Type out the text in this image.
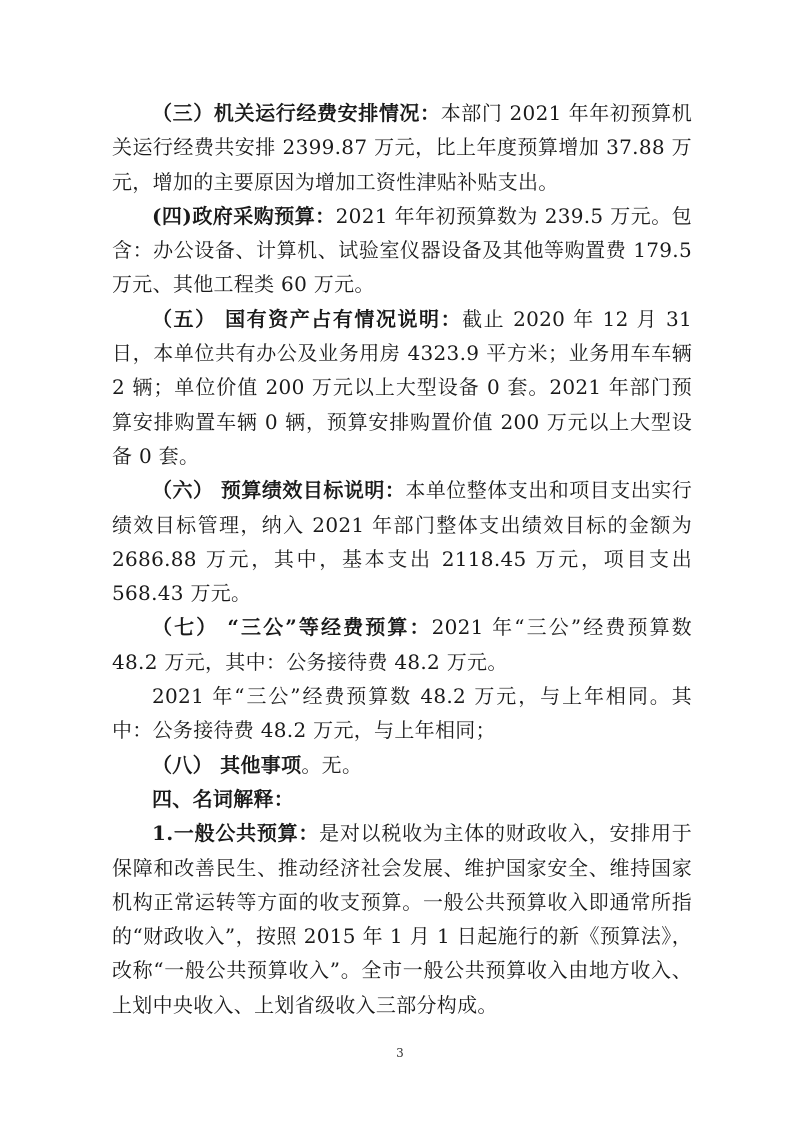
（三）机关运行经费安排情况：本部门 2021 年年初预算机关运行经费共安排 2399.87 万元，比上年度预算增加 37.88 万元，增加的主要原因为增加工资性津贴补贴支出。

(四)政府采购预算：2021 年年初预算数为 239.5 万元。包含：办公设备、计算机、试验室仪器设备及其他等购置费 179.5 万元、其他工程类 60 万元。

（五） 国有资产占有情况说明：截止 2020 年 12 月 31 日，本单位共有办公及业务用房 4323.9 平方米；业务用车车辆 2 辆；单位价值 200 万元以上大型设备 0 套。2021 年部门预算安排购置车辆 0 辆，预算安排购置价值 200 万元以上大型设备 0 套。

（六） 预算绩效目标说明：本单位整体支出和项目支出实行绩效目标管理，纳入 2021 年部门整体支出绩效目标的金额为 2686.88 万元，其中，基本支出 2118.45 万元，项目支出 568.43 万元。

（七） “三公”等经费预算：2021 年“三公”经费预算数 48.2 万元，其中：公务接待费 48.2 万元。

2021 年“三公”经费预算数 48.2 万元，与上年相同。其中：公务接待费 48.2 万元，与上年相同；

（八） 其他事项。无。

四、名词解释：

1.一般公共预算：是对以税收为主体的财政收入，安排用于保障和改善民生、推动经济社会发展、维护国家安全、维持国家机构正常运转等方面的收支预算。一般公共预算收入即通常所指的“财政收入”，按照 2015 年 1 月 1 日起施行的新《预算法》，改称“一般公共预算收入”。全市一般公共预算收入由地方收入、上划中央收入、上划省级收入三部分构成。

3
